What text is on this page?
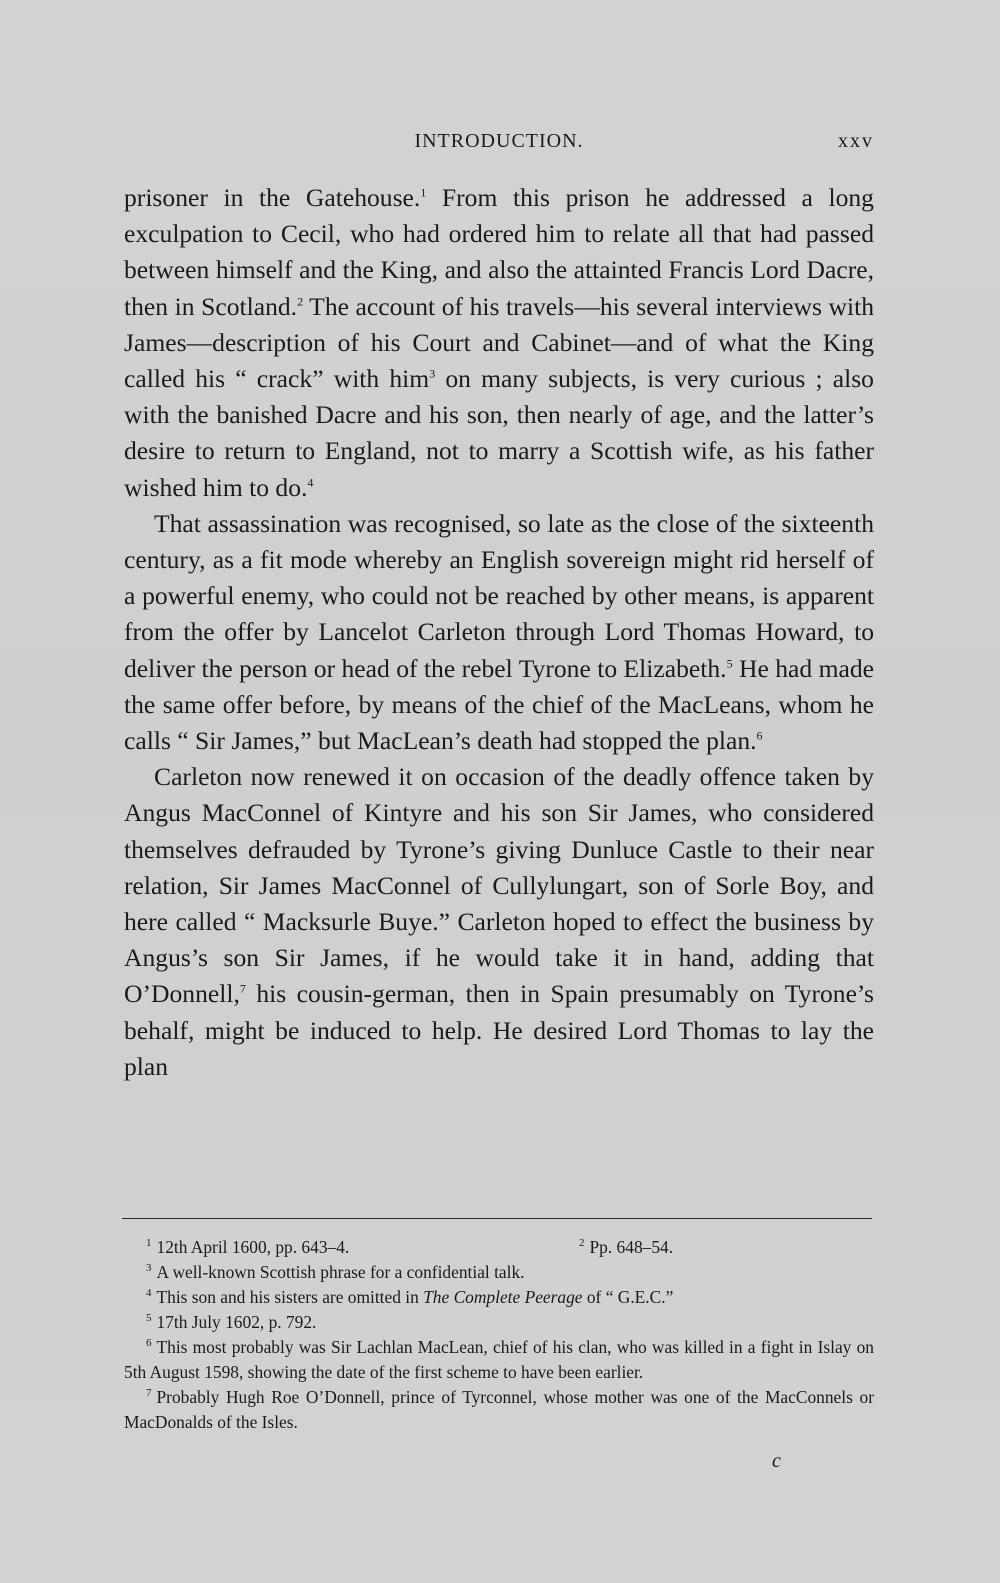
INTRODUCTION.	xxv

prisoner in the Gatehouse.$^1$ From this prison he addressed a long exculpation to Cecil, who had ordered him to relate all that had passed between himself and the King, and also the attainted Francis Lord Dacre, then in Scotland.$^2$ The account of his travels—his several interviews with James—description of his Court and Cabinet—and of what the King called his “ crack” with him$^3$ on many subjects, is very curious ; also with the banished Dacre and his son, then nearly of age, and the latter’s desire to return to England, not to marry a Scottish wife, as his father wished him to do.$^4$

That assassination was recognised, so late as the close of the sixteenth century, as a fit mode whereby an English sovereign might rid herself of a powerful enemy, who could not be reached by other means, is apparent from the offer by Lancelot Carleton through Lord Thomas Howard, to deliver the person or head of the rebel Tyrone to Elizabeth.$^5$ He had made the same offer before, by means of the chief of the MacLeans, whom he calls “ Sir James,” but MacLean’s death had stopped the plan.$^6$

Carleton now renewed it on occasion of the deadly offence taken by Angus MacConnel of Kintyre and his son Sir James, who considered themselves defrauded by Tyrone’s giving Dunluce Castle to their near relation, Sir James MacConnel of Cullylungart, son of Sorle Boy, and here called “ Macksurle Buye.” Carleton hoped to effect the business by Angus’s son Sir James, if he would take it in hand, adding that O’Donnell,$^7$ his cousin-german, then in Spain presumably on Tyrone’s behalf, might be induced to help. He desired Lord Thomas to lay the plan

$^1$ 12th April 1600, pp. 643–4.	$^2$ Pp. 648–54.

$^3$ A well-known Scottish phrase for a confidential talk.

$^4$ This son and his sisters are omitted in The Complete Peerage of “ G.E.C.”

$^5$ 17th July 1602, p. 792.

$^6$ This most probably was Sir Lachlan MacLean, chief of his clan, who was killed in a fight in Islay on 5th August 1598, showing the date of the first scheme to have been earlier.

$^7$ Probably Hugh Roe O’Donnell, prince of Tyrconnel, whose mother was one of the MacConnels or MacDonalds of the Isles.

c
